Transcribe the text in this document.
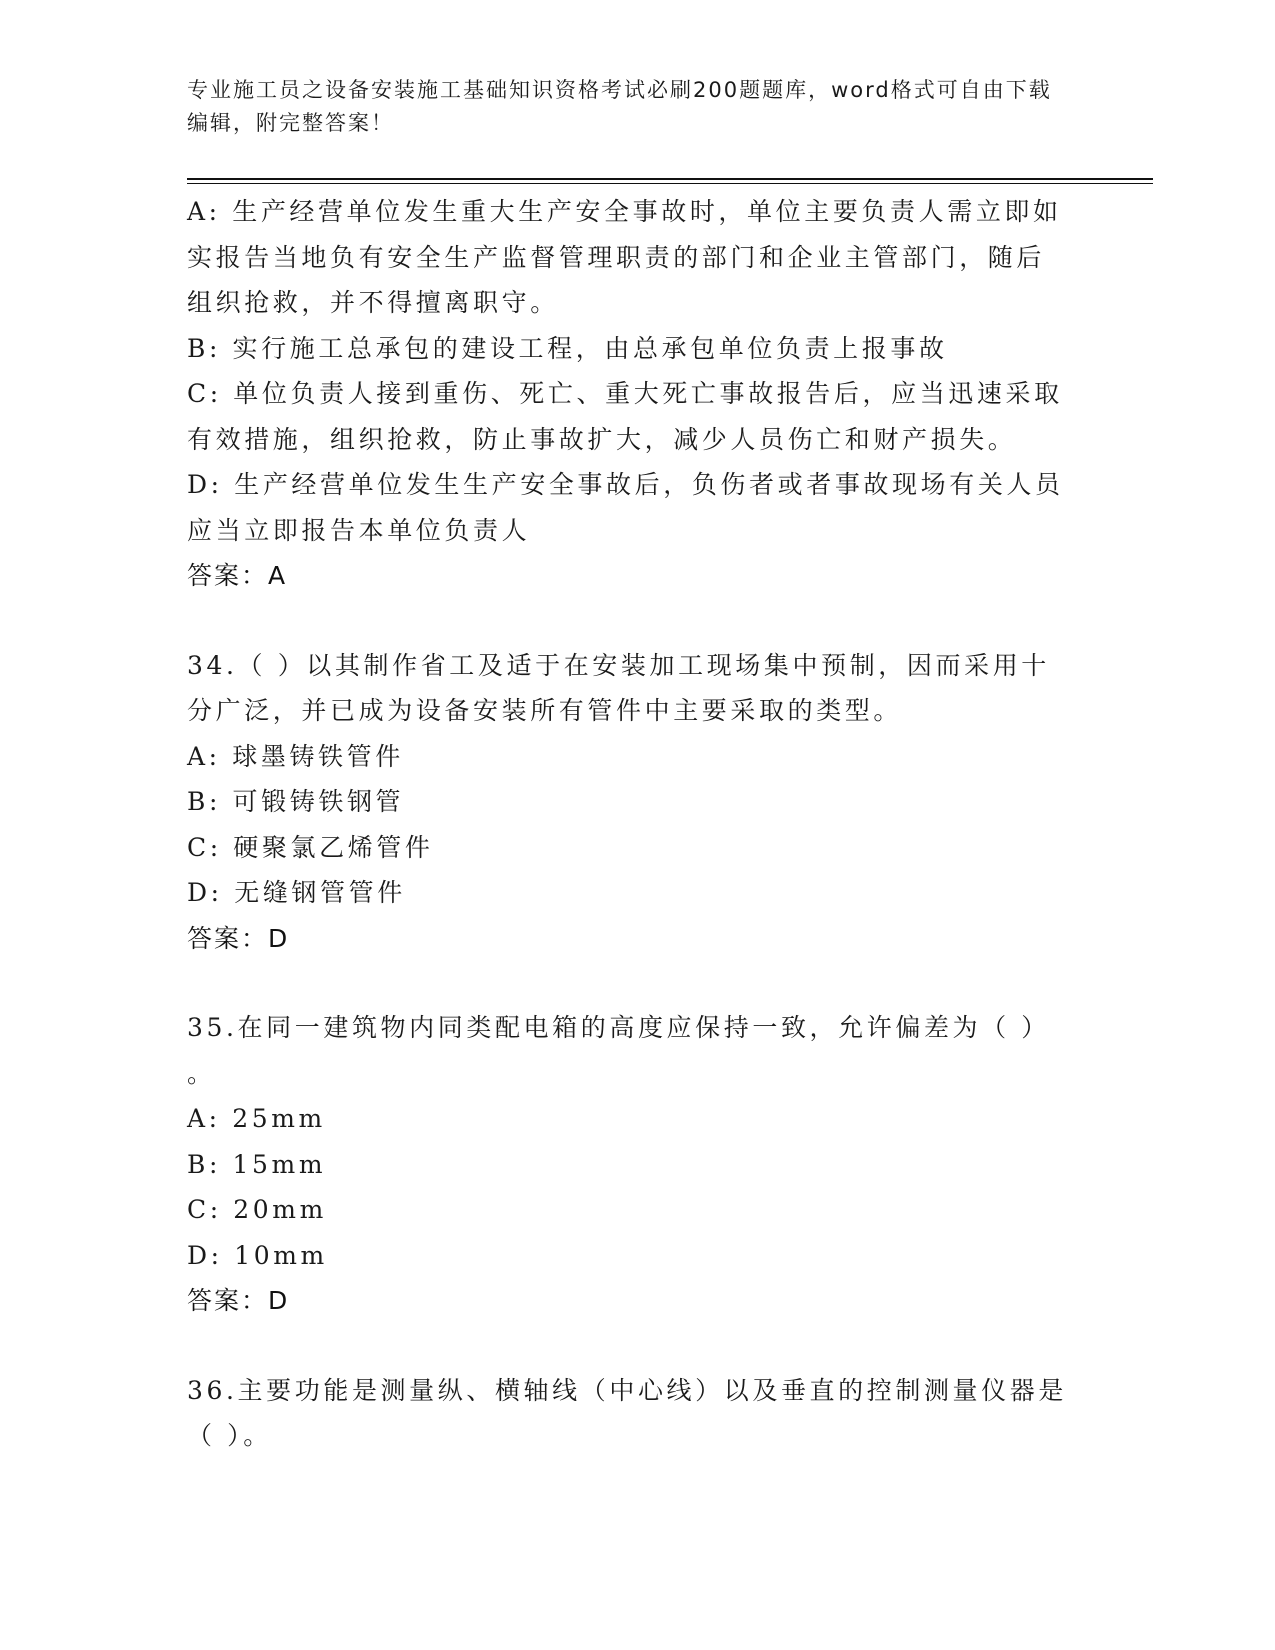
专业施工员之设备安装施工基础知识资格考试必刷200题题库，word格式可自由下载编辑，附完整答案！

A: 生产经营单位发生重大生产安全事故时，单位主要负责人需立即如

实报告当地负有安全生产监督管理职责的部门和企业主管部门，随后

组织抢救，并不得擅离职守。

B: 实行施工总承包的建设工程，由总承包单位负责上报事故

C: 单位负责人接到重伤、死亡、重大死亡事故报告后，应当迅速采取

有效措施，组织抢救，防止事故扩大，减少人员伤亡和财产损失。

D: 生产经营单位发生生产安全事故后，负伤者或者事故现场有关人员

应当立即报告本单位负责人

答案：A

34.（ ）以其制作省工及适于在安装加工现场集中预制，因而采用十

分广泛，并已成为设备安装所有管件中主要采取的类型。

A: 球墨铸铁管件

B: 可锻铸铁钢管

C: 硬聚氯乙烯管件

D: 无缝钢管管件

答案：D

35.在同一建筑物内同类配电箱的高度应保持一致，允许偏差为（ ）

。

A: 25mm

B: 15mm

C: 20mm

D: 10mm

答案：D

36.主要功能是测量纵、横轴线（中心线）以及垂直的控制测量仪器是

（ ）。
